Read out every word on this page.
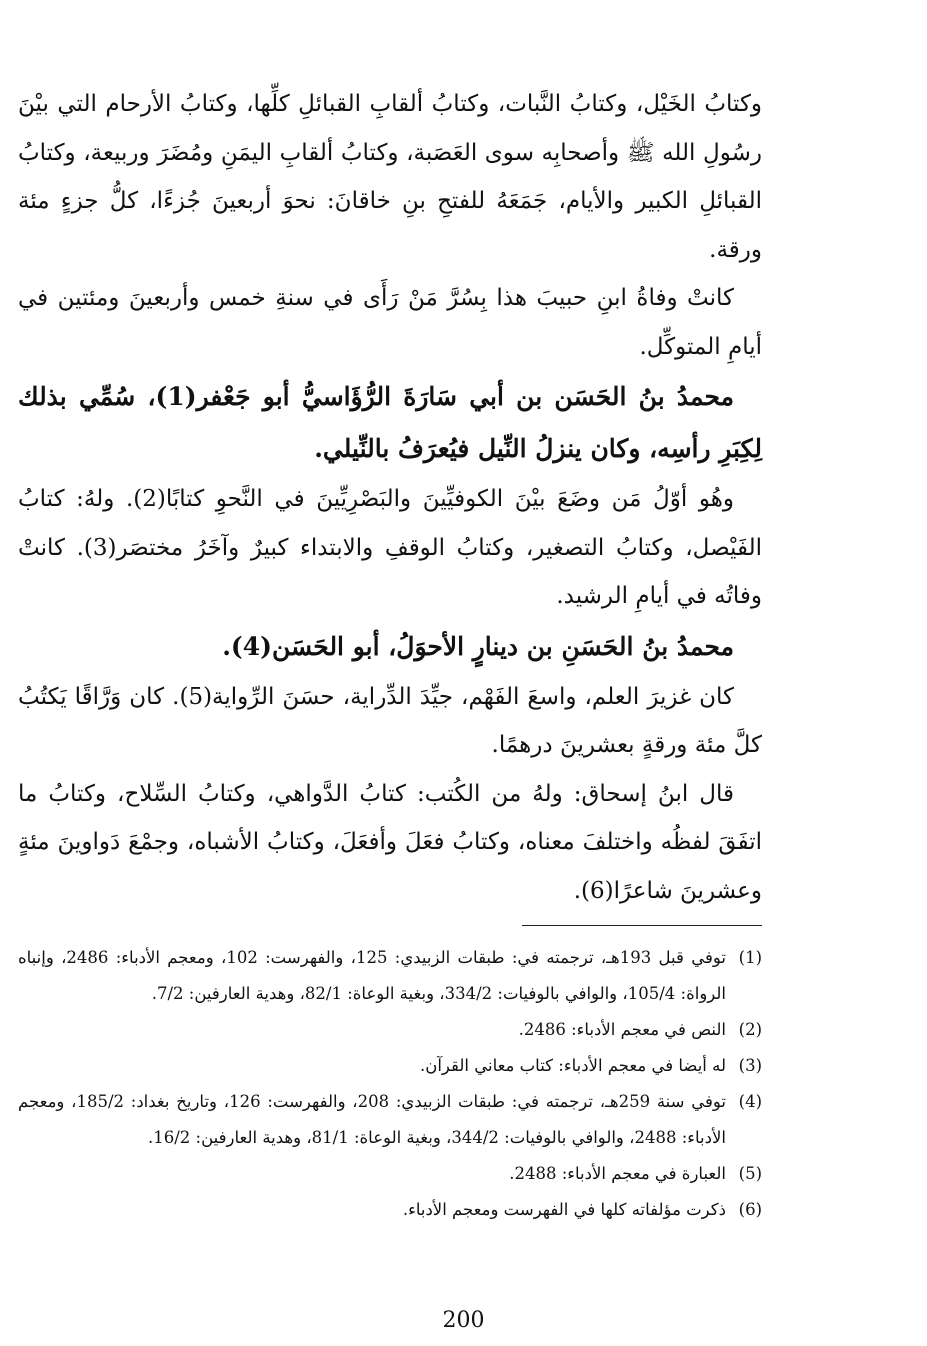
وكتابُ الخَيْل، وكتابُ النَّبات، وكتابُ ألقابِ القبائلِ كلِّها، وكتابُ الأرحام التي بيْنَ رسُولِ الله ﷺ وأصحابِه سوى العَصَبة، وكتابُ ألقابِ اليمَنِ ومُضَرَ وربيعة، وكتابُ القبائلِ الكبير والأيام، جَمَعَهُ للفتحِ بنِ خاقانَ: نحوَ أربعينَ جُزءًا، كلُّ جزءٍ مئة ورقة.

كانتْ وفاةُ ابنِ حبيبَ هذا بِسُرَّ مَنْ رَأَى في سنةِ خمس وأربعينَ ومئتين في أيامِ المتوكِّل.

محمدُ بنُ الحَسَن بن أبي سَارَةَ الرُّؤَاسيُّ أبو جَعْفر(1)، سُمِّي بذلك لِكِبَرِ رأسِه، وكان ينزلُ النِّيل فيُعرَفُ بالنِّيلي.

وهُو أوّلُ مَن وضَعَ بيْنَ الكوفيِّينَ والبَصْرِيِّينَ في النَّحوِ كتابًا(2). ولهُ: كتابُ الفَيْصل، وكتابُ التصغير، وكتابُ الوقفِ والابتداء كبيرٌ وآخَرُ مختصَر(3). كانتْ وفاتُه في أيامِ الرشيد.

محمدُ بنُ الحَسَنِ بن دينارٍ الأحوَلُ، أبو الحَسَن(4).

كان غزيرَ العلم، واسعَ الفَهْم، جيِّدَ الدِّراية، حسَنَ الرِّواية(5). كان وَرَّاقًا يَكتُبُ كلَّ مئة ورقةٍ بعشرينَ درهمًا.

قال ابنُ إسحاق: ولهُ من الكُتب: كتابُ الدَّواهي، وكتابُ السِّلاح، وكتابُ ما اتفَقَ لفظُه واختلفَ معناه، وكتابُ فعَلَ وأفعَلَ، وكتابُ الأشباه، وجمْعَ دَواوينَ مئةٍ وعشرينَ شاعرًا(6).

(1)
توفي قبل 193هـ، ترجمته في: طبقات الزبيدي: 125، والفهرست: 102، ومعجم الأدباء: 2486، وإنباه الرواة: 105/4، والوافي بالوفيات: 334/2، وبغية الوعاة: 82/1، وهدية العارفين: 7/2.
(2)
النص في معجم الأدباء: 2486.
(3)
له أيضا في معجم الأدباء: كتاب معاني القرآن.
(4)
توفي سنة 259هـ، ترجمته في: طبقات الزبيدي: 208، والفهرست: 126، وتاريخ بغداد: 185/2، ومعجم الأدباء: 2488، والوافي بالوفيات: 344/2، وبغية الوعاة: 81/1، وهدية العارفين: 16/2.
(5)
العبارة في معجم الأدباء: 2488.
(6)
ذكرت مؤلفاته كلها في الفهرست ومعجم الأدباء.
200
